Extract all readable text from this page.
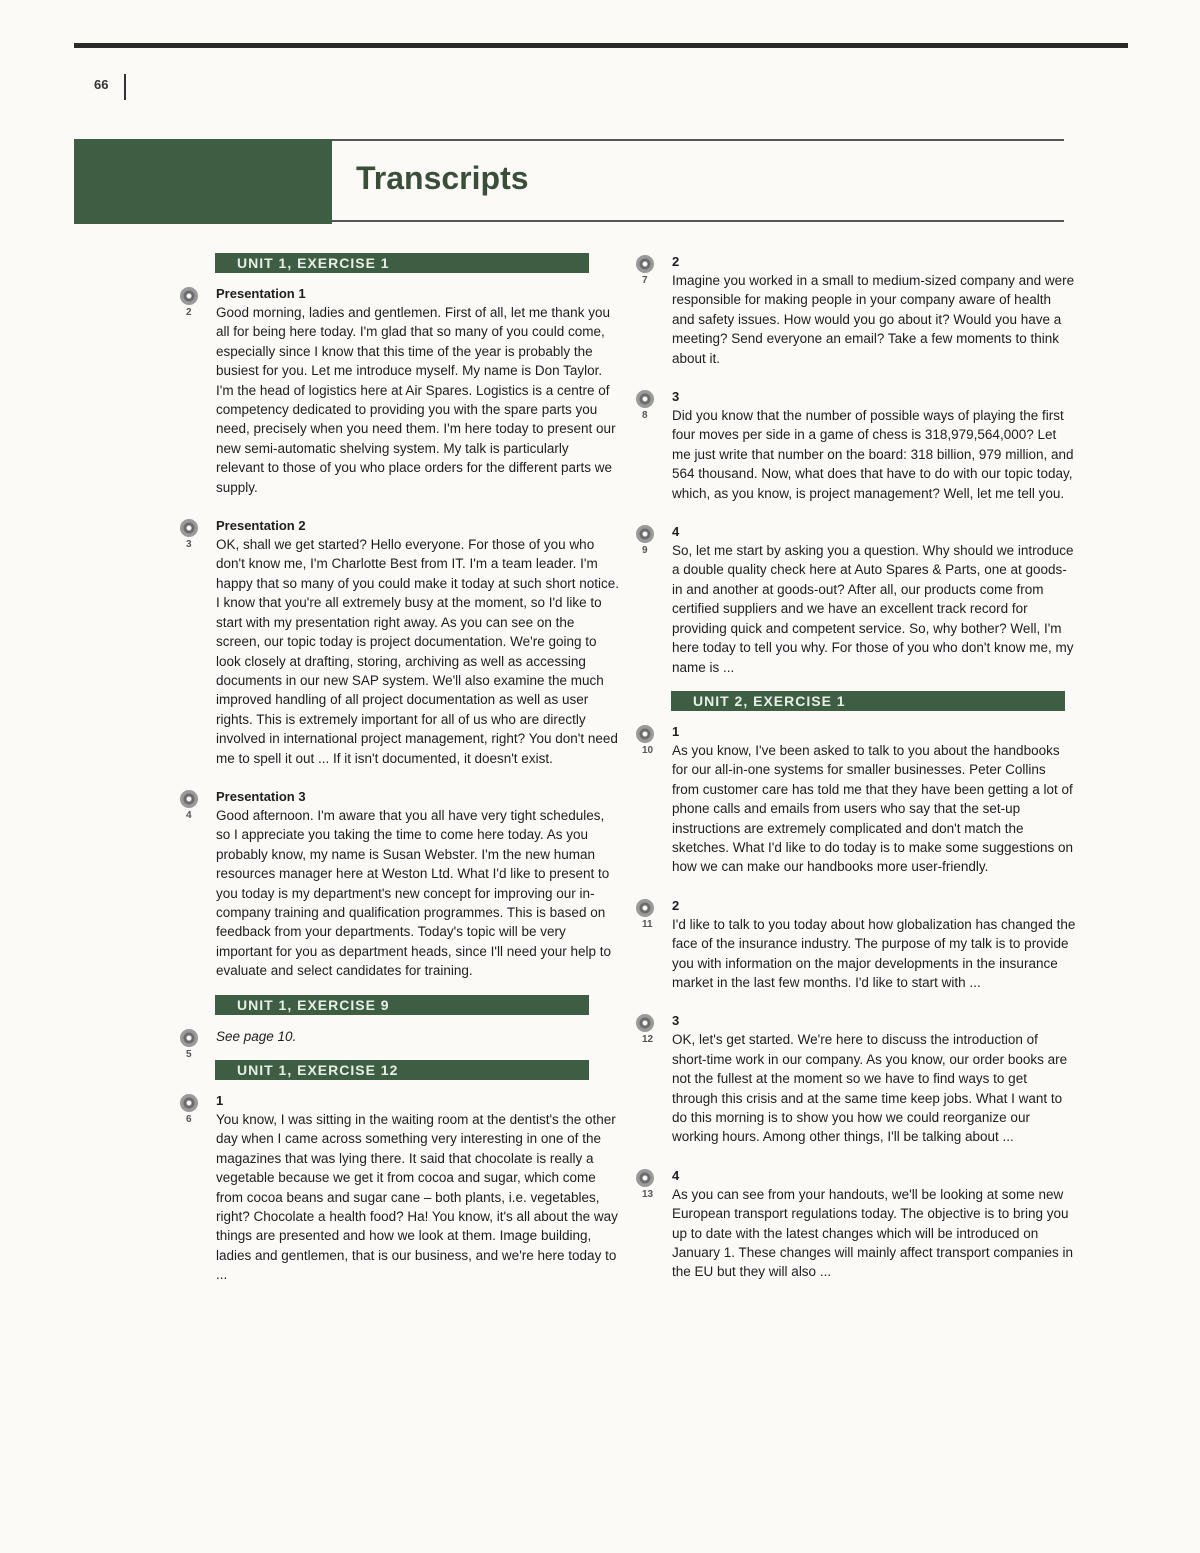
66
Transcripts
UNIT 1, EXERCISE 1
2
Presentation 1
Good morning, ladies and gentlemen. First of all, let me thank you all for being here today. I'm glad that so many of you could come, especially since I know that this time of the year is probably the busiest for you. Let me introduce myself. My name is Don Taylor. I'm the head of logistics here at Air Spares. Logistics is a centre of competency dedicated to providing you with the spare parts you need, precisely when you need them. I'm here today to present our new semi-automatic shelving system. My talk is particularly relevant to those of you who place orders for the different parts we supply.
3
Presentation 2
OK, shall we get started? Hello everyone. For those of you who don't know me, I'm Charlotte Best from IT. I'm a team leader. I'm happy that so many of you could make it today at such short notice. I know that you're all extremely busy at the moment, so I'd like to start with my presentation right away. As you can see on the screen, our topic today is project documentation. We're going to look closely at drafting, storing, archiving as well as accessing documents in our new SAP system. We'll also examine the much improved handling of all project documentation as well as user rights. This is extremely important for all of us who are directly involved in international project management, right? You don't need me to spell it out ... If it isn't documented, it doesn't exist.
4
Presentation 3
Good afternoon. I'm aware that you all have very tight schedules, so I appreciate you taking the time to come here today. As you probably know, my name is Susan Webster. I'm the new human resources manager here at Weston Ltd. What I'd like to present to you today is my department's new concept for improving our in-company training and qualification programmes. This is based on feedback from your departments. Today's topic will be very important for you as department heads, since I'll need your help to evaluate and select candidates for training.
UNIT 1, EXERCISE 9
5
See page 10.
UNIT 1, EXERCISE 12
6
1
You know, I was sitting in the waiting room at the dentist's the other day when I came across something very interesting in one of the magazines that was lying there. It said that chocolate is really a vegetable because we get it from cocoa and sugar, which come from cocoa beans and sugar cane – both plants, i.e. vegetables, right? Chocolate a health food? Ha! You know, it's all about the way things are presented and how we look at them. Image building, ladies and gentlemen, that is our business, and we're here today to ...
7
2
Imagine you worked in a small to medium-sized company and were responsible for making people in your company aware of health and safety issues. How would you go about it? Would you have a meeting? Send everyone an email? Take a few moments to think about it.
8
3
Did you know that the number of possible ways of playing the first four moves per side in a game of chess is 318,979,564,000? Let me just write that number on the board: 318 billion, 979 million, and 564 thousand. Now, what does that have to do with our topic today, which, as you know, is project management? Well, let me tell you.
9
4
So, let me start by asking you a question. Why should we introduce a double quality check here at Auto Spares & Parts, one at goods-in and another at goods-out? After all, our products come from certified suppliers and we have an excellent track record for providing quick and competent service. So, why bother? Well, I'm here today to tell you why. For those of you who don't know me, my name is ...
UNIT 2, EXERCISE 1
10
1
As you know, I've been asked to talk to you about the handbooks for our all-in-one systems for smaller businesses. Peter Collins from customer care has told me that they have been getting a lot of phone calls and emails from users who say that the set-up instructions are extremely complicated and don't match the sketches. What I'd like to do today is to make some suggestions on how we can make our handbooks more user-friendly.
11
2
I'd like to talk to you today about how globalization has changed the face of the insurance industry. The purpose of my talk is to provide you with information on the major developments in the insurance market in the last few months. I'd like to start with ...
12
3
OK, let's get started. We're here to discuss the introduction of short-time work in our company. As you know, our order books are not the fullest at the moment so we have to find ways to get through this crisis and at the same time keep jobs. What I want to do this morning is to show you how we could reorganize our working hours. Among other things, I'll be talking about ...
13
4
As you can see from your handouts, we'll be looking at some new European transport regulations today. The objective is to bring you up to date with the latest changes which will be introduced on January 1. These changes will mainly affect transport companies in the EU but they will also ...
